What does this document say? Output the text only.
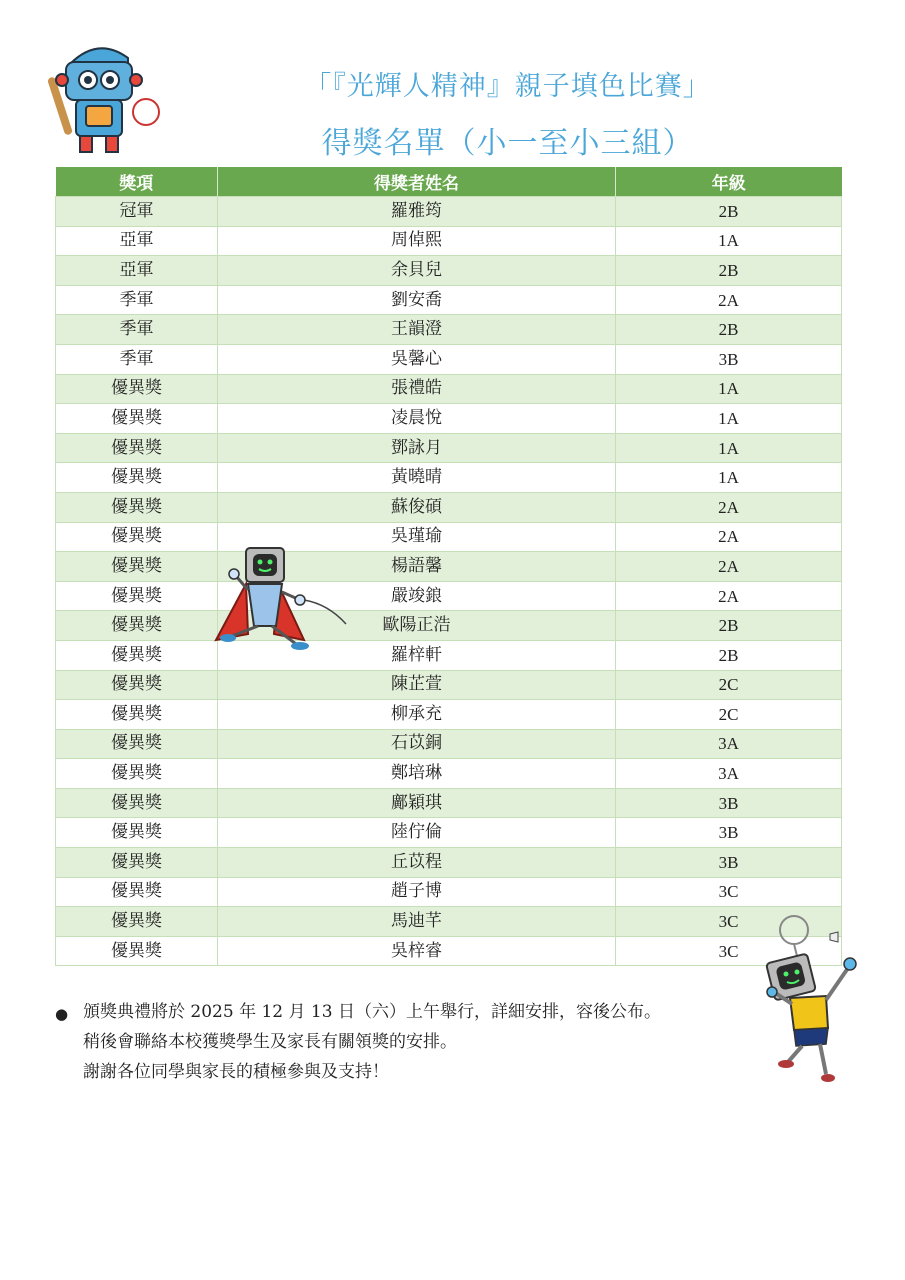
「『光輝人精神』親子填色比賽」
得獎名單（小一至小三組）
獎項	得獎者姓名	年級
冠軍	羅雅筠	2B
亞軍	周倬熙	1A
亞軍	余貝兒	2B
季軍	劉安喬	2A
季軍	王韻澄	2B
季軍	吳馨心	3B
優異獎	張禮皓	1A
優異獎	凌晨悅	1A
優異獎	鄧詠月	1A
優異獎	黃曉晴	1A
優異獎	蘇俊碩	2A
優異獎	吳瑾瑜	2A
優異獎	楊語馨	2A
優異獎	嚴竣鋃	2A
優異獎	歐陽正浩	2B
優異獎	羅梓軒	2B
優異獎	陳芷萱	2C
優異獎	柳承充	2C
優異獎	石苡銅	3A
優異獎	鄭培琳	3A
優異獎	鄺穎琪	3B
優異獎	陸佇倫	3B
優異獎	丘苡程	3B
優異獎	趙子博	3C
優異獎	馬迪芊	3C
優異獎	吳梓睿	3C
● 頒獎典禮將於 2025 年 12 月 13 日（六）上午舉行，詳細安排，容後公布。

稍後會聯絡本校獲獎學生及家長有關領獎的安排。

謝謝各位同學與家長的積極參與及支持！
